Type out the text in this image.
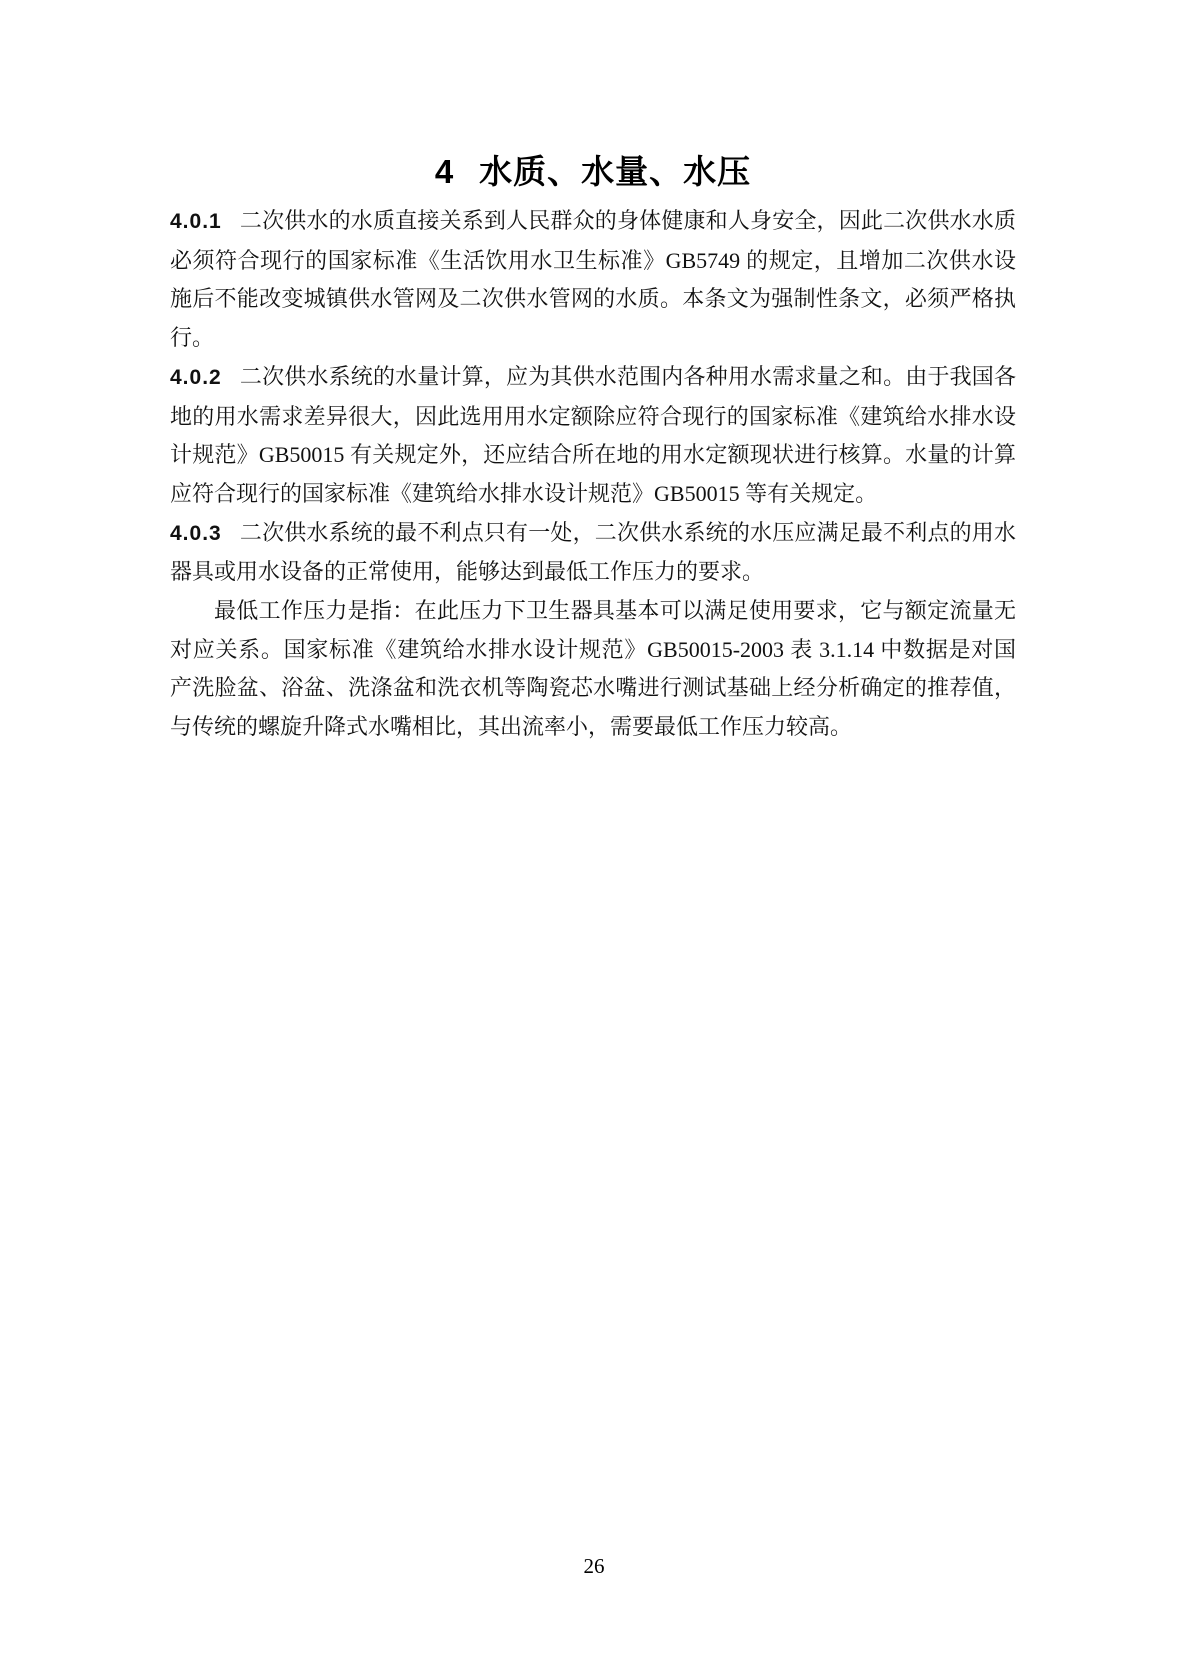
4 水质、水量、水压

4.0.1 二次供水的水质直接关系到人民群众的身体健康和人身安全，因此二次供水水质必须符合现行的国家标准《生活饮用水卫生标准》GB5749 的规定，且增加二次供水设施后不能改变城镇供水管网及二次供水管网的水质。本条文为强制性条文，必须严格执行。

4.0.2 二次供水系统的水量计算，应为其供水范围内各种用水需求量之和。由于我国各地的用水需求差异很大，因此选用用水定额除应符合现行的国家标准《建筑给水排水设计规范》GB50015 有关规定外，还应结合所在地的用水定额现状进行核算。水量的计算应符合现行的国家标准《建筑给水排水设计规范》GB50015 等有关规定。

4.0.3 二次供水系统的最不利点只有一处，二次供水系统的水压应满足最不利点的用水器具或用水设备的正常使用，能够达到最低工作压力的要求。

最低工作压力是指：在此压力下卫生器具基本可以满足使用要求，它与额定流量无对应关系。国家标准《建筑给水排水设计规范》GB50015-2003 表 3.1.14 中数据是对国产洗脸盆、浴盆、洗涤盆和洗衣机等陶瓷芯水嘴进行测试基础上经分析确定的推荐值，与传统的螺旋升降式水嘴相比，其出流率小，需要最低工作压力较高。

26
